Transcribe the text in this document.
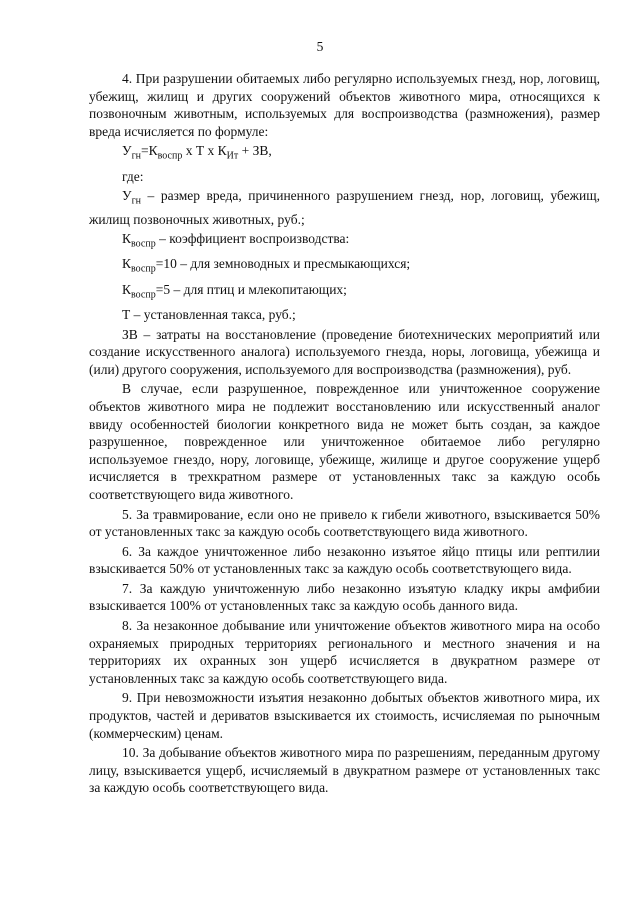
5

4. При разрушении обитаемых либо регулярно используемых гнезд, нор, логовищ, убежищ, жилищ и других сооружений объектов животного мира, относящихся к позвоночным животным, используемых для воспроизводства (размножения), размер вреда исчисляется по формуле:

$У_{гн}=К_{воспр}$ х Т х $К_{Ит}$ + ЗВ,

где:

$У_{гн}$ – размер вреда, причиненного разрушением гнезд, нор, логовищ, убежищ, жилищ позвоночных животных, руб.;

$К_{воспр}$ – коэффициент воспроизводства:

$К_{воспр}=10$ – для земноводных и пресмыкающихся;

$К_{воспр}=5$ – для птиц и млекопитающих;

Т – установленная такса, руб.;

ЗВ – затраты на восстановление (проведение биотехнических мероприятий или создание искусственного аналога) используемого гнезда, норы, логовища, убежища и (или) другого сооружения, используемого для воспроизводства (размножения), руб.

В случае, если разрушенное, поврежденное или уничтоженное сооружение объектов животного мира не подлежит восстановлению или искусственный аналог ввиду особенностей биологии конкретного вида не может быть создан, за каждое разрушенное, поврежденное или уничтоженное обитаемое либо регулярно используемое гнездо, нору, логовище, убежище, жилище и другое сооружение ущерб исчисляется в трехкратном размере от установленных такс за каждую особь соответствующего вида животного.

5. За травмирование, если оно не привело к гибели животного, взыскивается 50% от установленных такс за каждую особь соответствующего вида животного.

6. За каждое уничтоженное либо незаконно изъятое яйцо птицы или рептилии взыскивается 50% от установленных такс за каждую особь соответствующего вида.

7. За каждую уничтоженную либо незаконно изъятую кладку икры амфибии взыскивается 100% от установленных такс за каждую особь данного вида.

8. За незаконное добывание или уничтожение объектов животного мира на особо охраняемых природных территориях регионального и местного значения и на территориях их охранных зон ущерб исчисляется в двукратном размере от установленных такс за каждую особь соответствующего вида.

9. При невозможности изъятия незаконно добытых объектов животного мира, их продуктов, частей и дериватов взыскивается их стоимость, исчисляемая по рыночным (коммерческим) ценам.

10. За добывание объектов животного мира по разрешениям, переданным другому лицу, взыскивается ущерб, исчисляемый в двукратном размере от установленных такс за каждую особь соответствующего вида.
